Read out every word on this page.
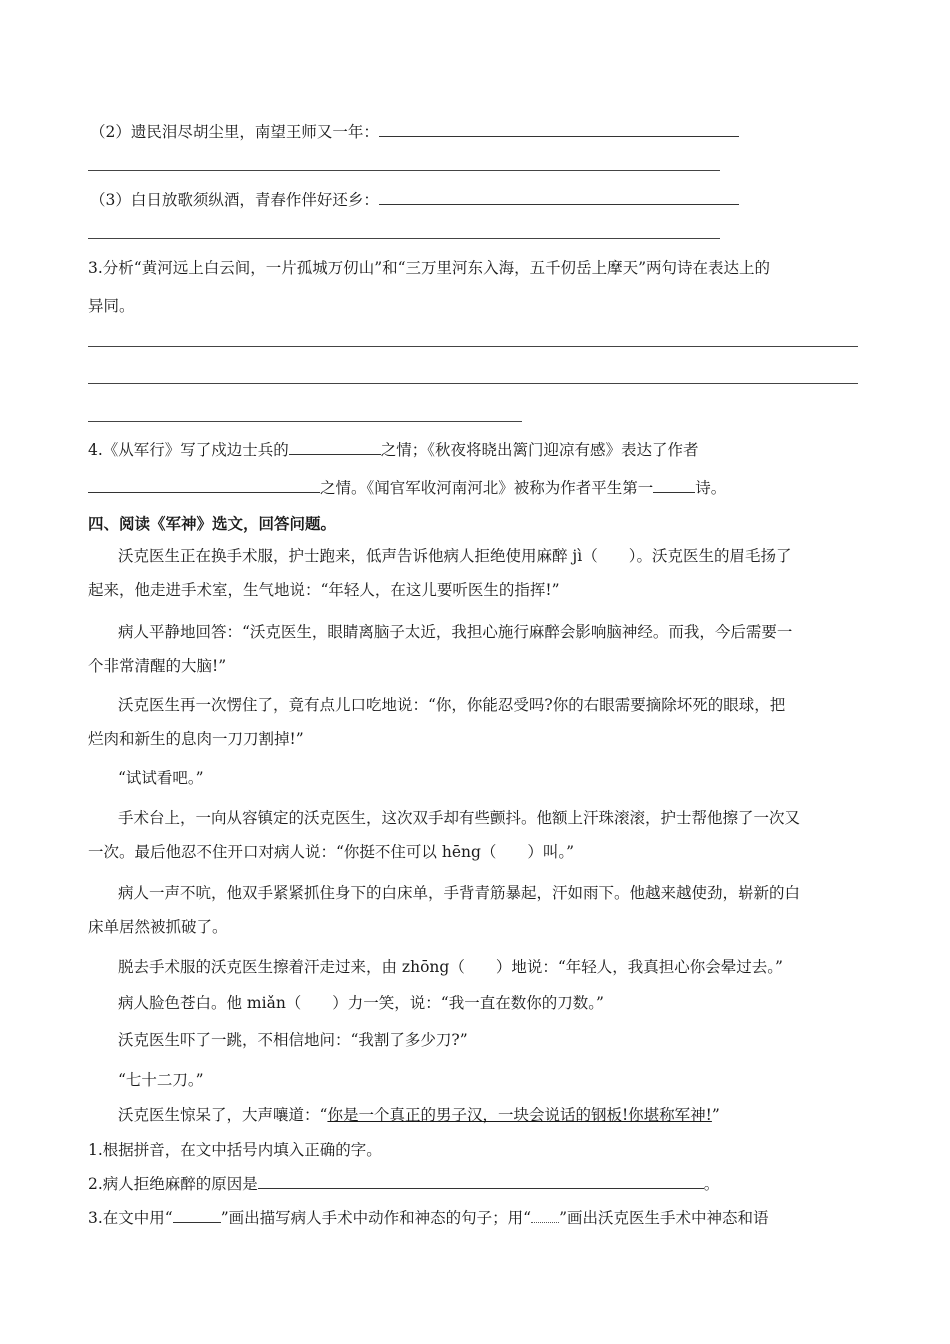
（2）遗民泪尽胡尘里，南望王师又一年：
（3）白日放歌须纵酒，青春作伴好还乡：
3.分析“黄河远上白云间，一片孤城万仞山”和“三万里河东入海，五千仞岳上摩天”两句诗在表达上的
异同。
4.《从军行》写了戍边士兵的	之情；《秋夜将晓出篱门迎凉有感》表达了作者
之情。《闻官军收河南河北》被称为作者平生第一	诗。
四、阅读《军神》选文，回答问题。
沃克医生正在换手术服，护士跑来，低声告诉他病人拒绝使用麻醉 jì（　　）。沃克医生的眉毛扬了
起来，他走进手术室，生气地说：“年轻人，在这儿要听医生的指挥!”
病人平静地回答：“沃克医生，眼睛离脑子太近，我担心施行麻醉会影响脑神经。而我，今后需要一
个非常清醒的大脑!”
沃克医生再一次愣住了，竟有点儿口吃地说：“你，你能忍受吗?你的右眼需要摘除坏死的眼球，把
烂肉和新生的息肉一刀刀割掉!”
“试试看吧。”
手术台上，一向从容镇定的沃克医生，这次双手却有些颤抖。他额上汗珠滚滚，护士帮他擦了一次又
一次。最后他忍不住开口对病人说：“你挺不住可以 hēng（　　）叫。”
病人一声不吭，他双手紧紧抓住身下的白床单，手背青筋暴起，汗如雨下。他越来越使劲，崭新的白
床单居然被抓破了。
脱去手术服的沃克医生擦着汗走过来，由 zhōng（　　）地说：“年轻人，我真担心你会晕过去。”
病人脸色苍白。他 miǎn（　　）力一笑，说：“我一直在数你的刀数。”
沃克医生吓了一跳，不相信地问：“我割了多少刀?”
“七十二刀。”
沃克医生惊呆了，大声嚷道：“你是一个真正的男子汉，一块会说话的钢板!你堪称军神!”
1.根据拼音，在文中括号内填入正确的字。
2.病人拒绝麻醉的原因是	。
3.在文中用“	”画出描写病人手术中动作和神态的句子；用“ ”画出沃克医生手术中神态和语
